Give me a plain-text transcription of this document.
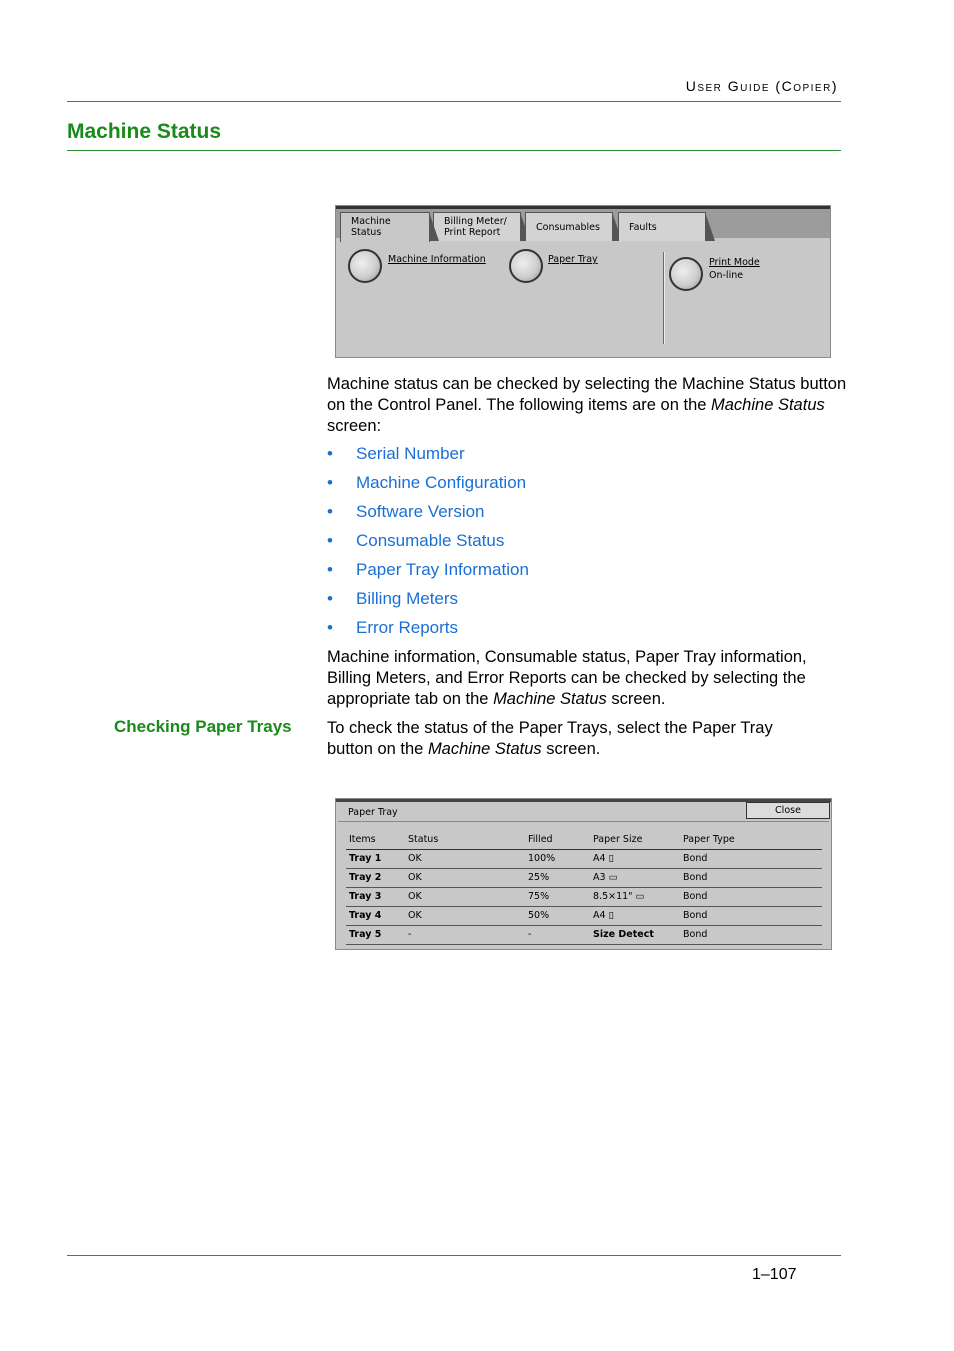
User Guide (Copier)
Machine Status
Machine
Status
Billing Meter/
Print Report	Consumables	Faults
Machine Information	Paper Tray	Print Mode
On-line
Machine status can be checked by selecting the Machine Status button on the Control Panel. The following items are on the Machine Status screen:
•	Serial Number
•	Machine Configuration
•	Software Version
•	Consumable Status
•	Paper Tray Information
•	Billing Meters
•	Error Reports
Machine information, Consumable status, Paper Tray information, Billing Meters, and Error Reports can be checked by selecting the appropriate tab on the Machine Status screen.
Checking Paper Trays To check the status of the Paper Trays, select the Paper Tray button on the Machine Status screen.
Paper Tray	Close
Items	Status	Filled	Paper Size	Paper Type
Tray 1	OK	100%	A4 ▯	Bond
Tray 2	OK	25%	A3 ▭	Bond
Tray 3	OK	75%	8.5×11" ▭	Bond
Tray 4	OK	50%	A4 ▯	Bond
Tray 5	-	-	Size Detect	Bond
1–107
